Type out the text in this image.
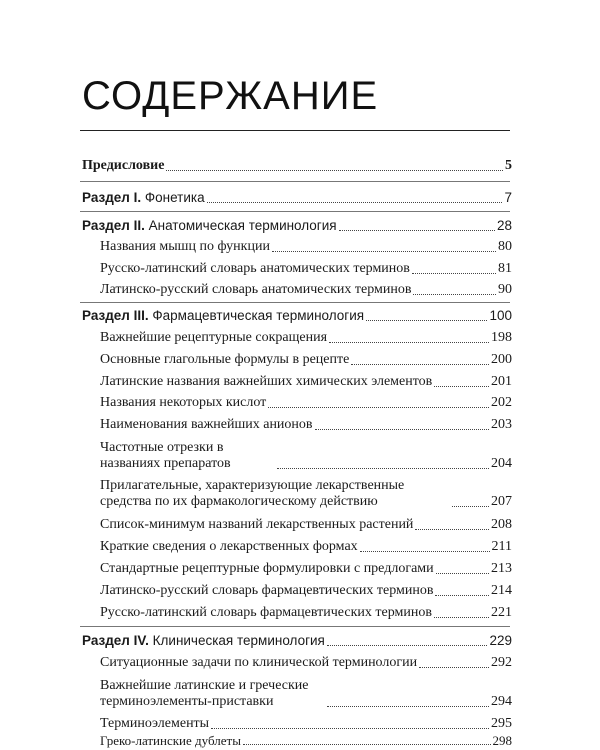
СОДЕРЖАНИЕ
Предисловие	5
Раздел I. Фонетика	7
Раздел II. Анатомическая терминология	28
Названия мышц по функции	80
Русско-латинский словарь анатомических терминов	81
Латинско-русский словарь анатомических терминов	90
Раздел III. Фармацевтическая терминология	100
Важнейшие рецептурные сокращения	198
Основные глагольные формулы в рецепте	200
Латинские названия важнейших химических элементов	201
Названия некоторых кислот	202
Наименования важнейших анионов	203
Частотные отрезки в названиях препаратов	204
Прилагательные, характеризующие лекарственные средства по их фармакологическому действию	207
Список-минимум названий лекарственных растений	208
Краткие сведения о лекарственных формах	211
Стандартные рецептурные формулировки с предлогами	213
Латинско-русский словарь фармацевтических терминов	214
Русско-латинский словарь фармацевтических терминов	221
Раздел IV. Клиническая терминология	229
Ситуационные задачи по клинической терминологии	292
Важнейшие латинские и греческие терминоэлементы-приставки	294
Терминоэлементы	295
Греко-латинские дублеты	298
